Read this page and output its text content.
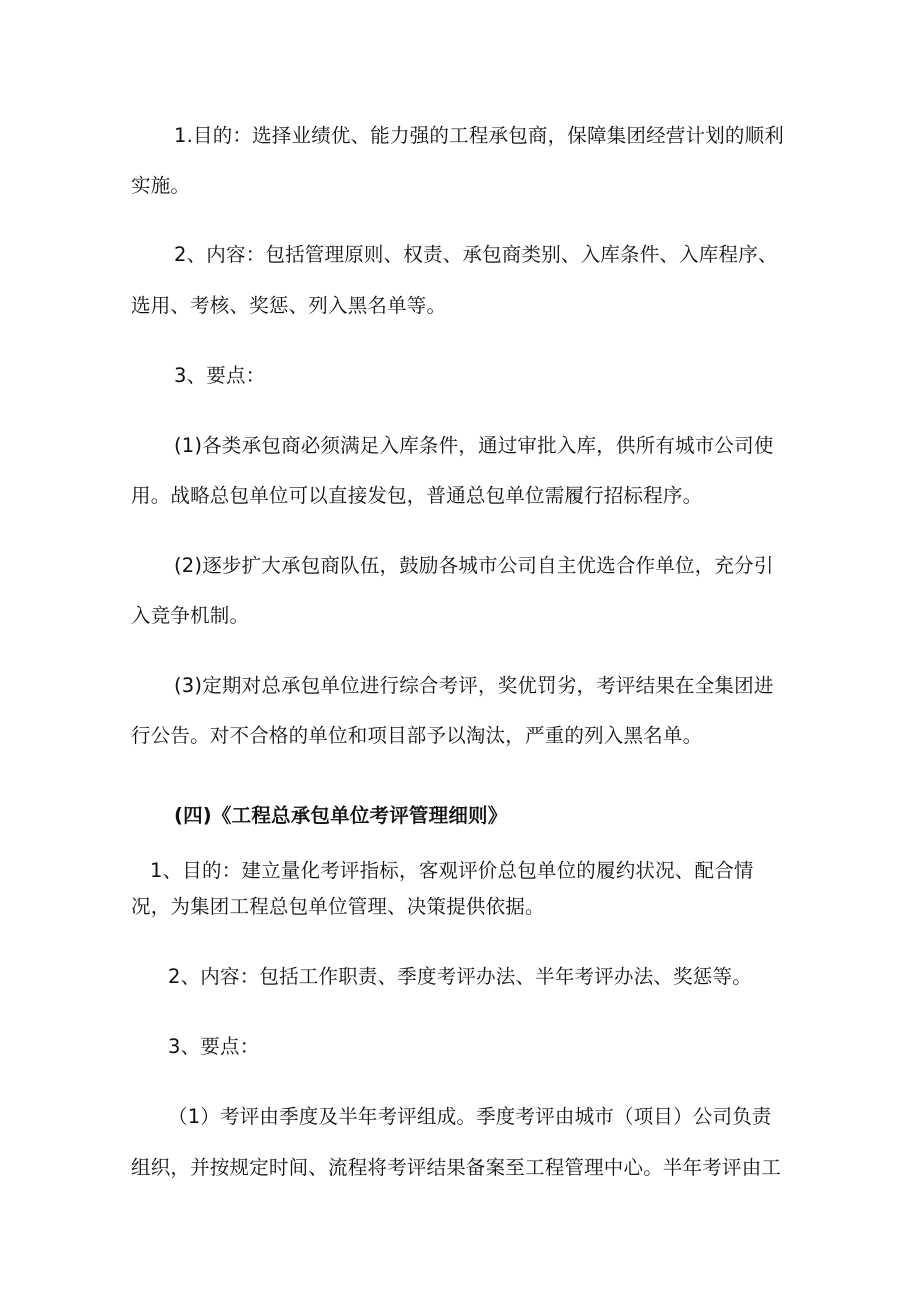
1.目的：选择业绩优、能力强的工程承包商，保障集团经营计划的顺利
实施。
2、内容：包括管理原则、权责、承包商类别、入库条件、入库程序、
选用、考核、奖惩、列入黑名单等。
3、要点：
(1)各类承包商必须满足入库条件，通过审批入库，供所有城市公司使
用。战略总包单位可以直接发包，普通总包单位需履行招标程序。
(2)逐步扩大承包商队伍，鼓励各城市公司自主优选合作单位，充分引
入竞争机制。
(3)定期对总承包单位进行综合考评，奖优罚劣，考评结果在全集团进
行公告。对不合格的单位和项目部予以淘汰，严重的列入黑名单。
(四)《工程总承包单位考评管理细则》
1、目的：建立量化考评指标，客观评价总包单位的履约状况、配合情
况，为集团工程总包单位管理、决策提供依据。
2、内容：包括工作职责、季度考评办法、半年考评办法、奖惩等。
3、要点：
（1）考评由季度及半年考评组成。季度考评由城市（项目）公司负责
组织，并按规定时间、流程将考评结果备案至工程管理中心。半年考评由工
